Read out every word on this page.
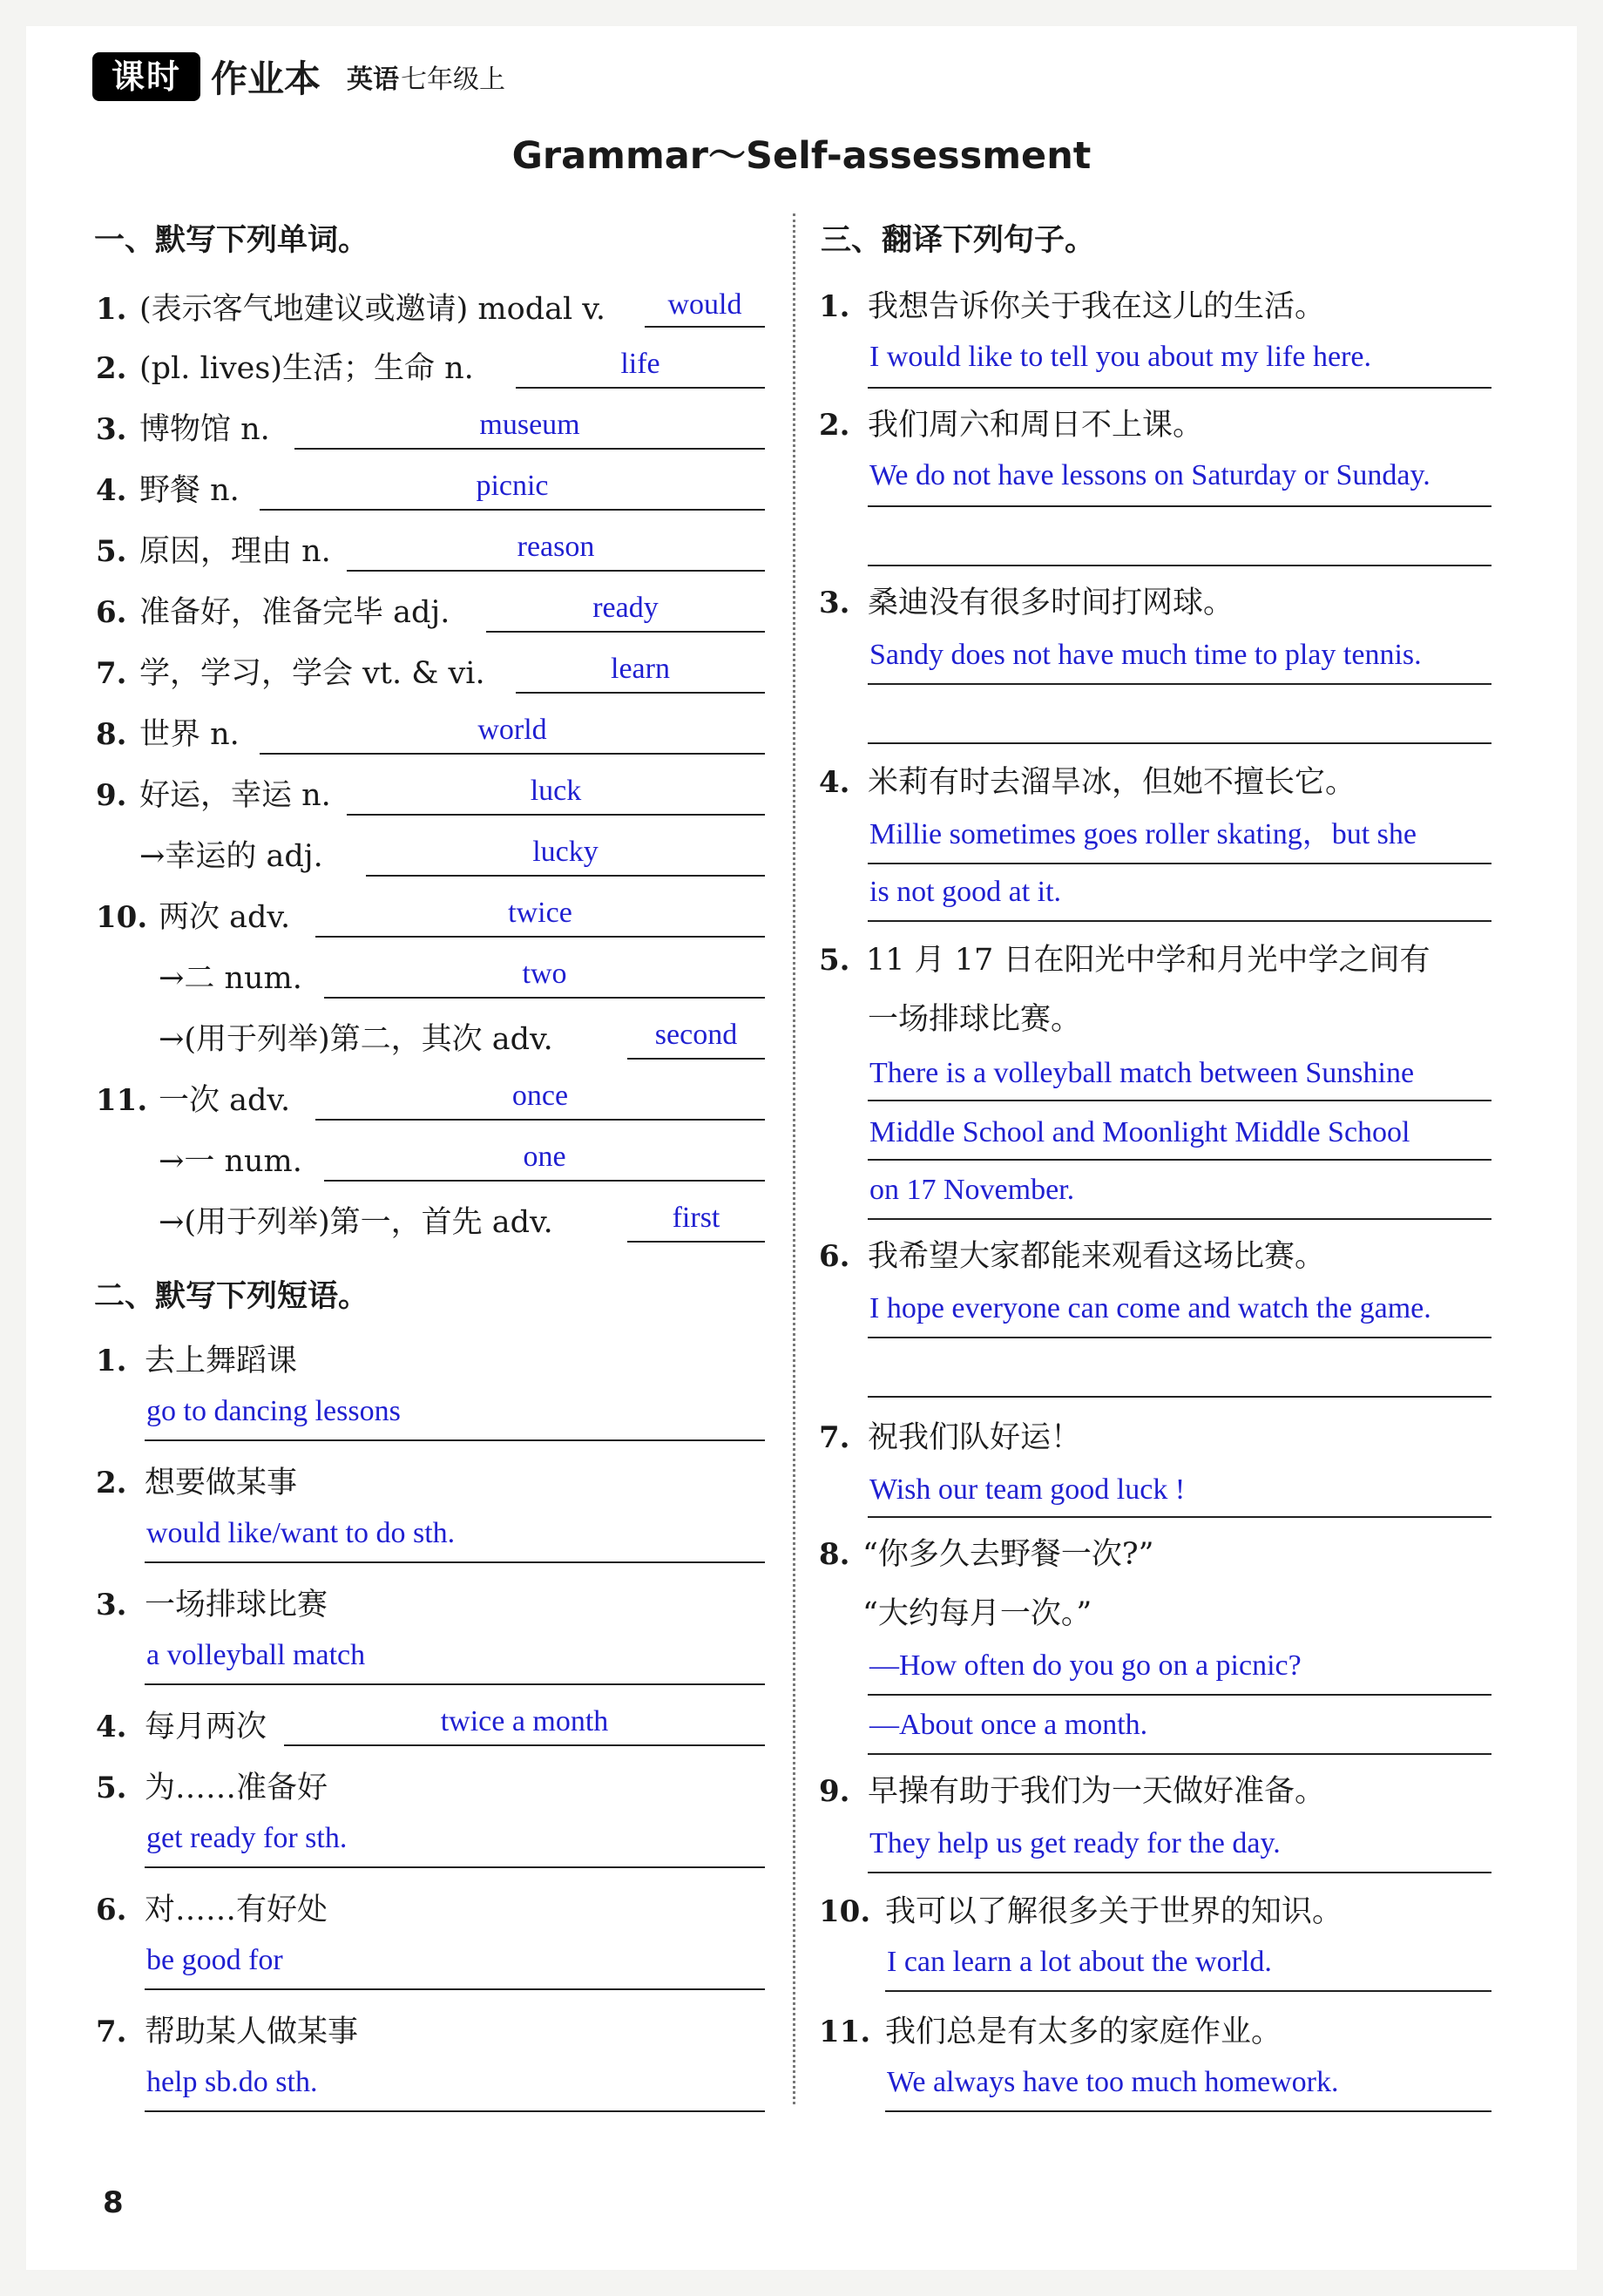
课时 作业本 英语 七年级上
Grammar～Self-assessment
一、默写下列单词。
1. (表示客气地建议或邀请) modal v.	would
2. (pl. lives)生活；生命 n.	life
3. 博物馆 n.	museum
4. 野餐 n.	picnic
5. 原因，理由 n.	reason
6. 准备好，准备完毕 adj.	ready
7. 学，学习，学会 vt. & vi.	learn
8. 世界 n.	world
9. 好运，幸运 n.	luck
→幸运的 adj.	lucky
10. 两次 adv.	twice
→二 num.	two
→(用于列举)第二，其次 adv.	second
11. 一次 adv.	once
→一 num.	one
→(用于列举)第一，首先 adv.	first
二、默写下列短语。
1. 去上舞蹈课
go to dancing lessons
2. 想要做某事
would like/want to do sth.
3. 一场排球比赛
a volleyball match
4. 每月两次	twice a month
5. 为……准备好
get ready for sth.
6. 对……有好处
be good for
7. 帮助某人做某事
help sb.do sth.
三、翻译下列句子。
1. 我想告诉你关于我在这儿的生活。
I would like to tell you about my life here.
2. 我们周六和周日不上课。
We do not have lessons on Saturday or Sunday.
3. 桑迪没有很多时间打网球。
Sandy does not have much time to play tennis.
4. 米莉有时去溜旱冰，但她不擅长它。
Millie sometimes goes roller skating，but she
is not good at it.
5. 11 月 17 日在阳光中学和月光中学之间有
一场排球比赛。
There is a volleyball match between Sunshine
Middle School and Moonlight Middle School
on 17 November.
6. 我希望大家都能来观看这场比赛。
I hope everyone can come and watch the game.
7. 祝我们队好运！
Wish our team good luck !
8. “你多久去野餐一次?”
“大约每月一次。”
—How often do you go on a picnic?
—About once a month.
9. 早操有助于我们为一天做好准备。
They help us get ready for the day.
10. 我可以了解很多关于世界的知识。
I can learn a lot about the world.
11. 我们总是有太多的家庭作业。
We always have too much homework.
8
